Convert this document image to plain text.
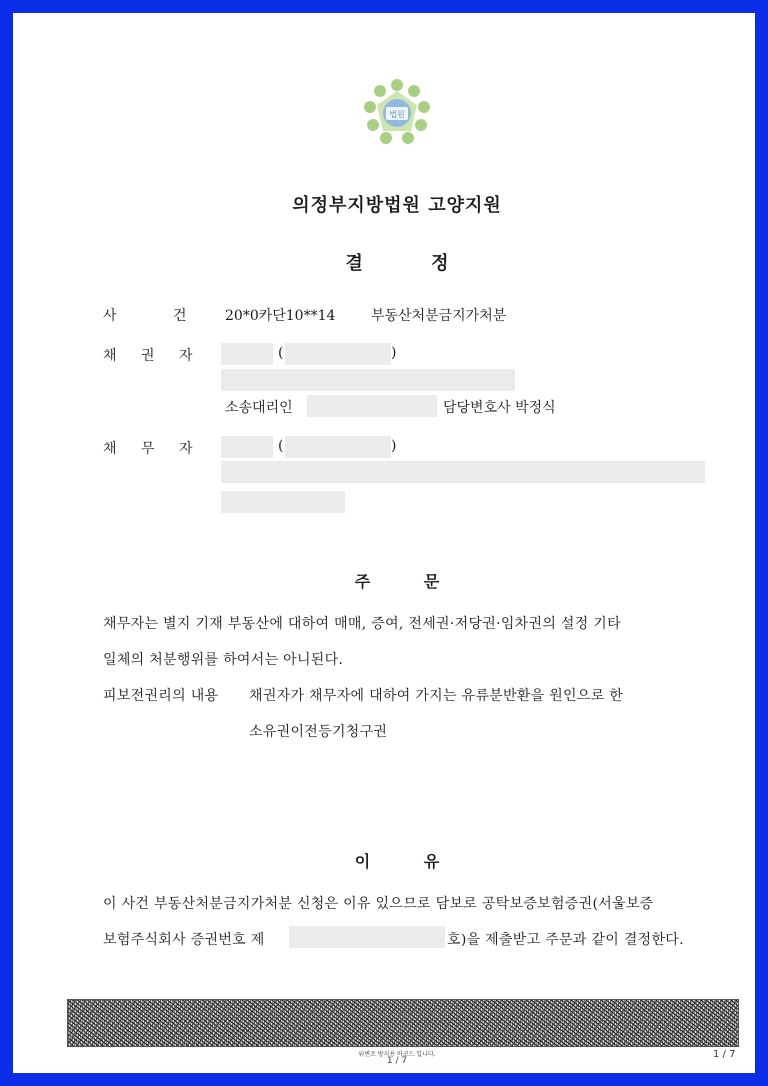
법원
의정부지방법원 고양지원
결 정
사 건	20*0카단10**14	부동산처분금지가처분
채 권 자	(	)
소송대리인	담당변호사 박정식
채 무 자	(	)
주 문
채무자는 별지 기재 부동산에 대하여 매매, 증여, 전세권·저당권·임차권의 설정 기타
일체의 처분행위를 하여서는 아니된다.
피보전권리의 내용 채권자가 채무자에 대하여 가지는 유류분반환을 원인으로 한
소유권이전등기청구권
이 유
이 사건 부동산처분금지가처분 신청은 이유 있으므로 담보로 공탁보증보험증권(서울보증
보험주식회사 증권번호 제	호)을 제출받고 주문과 같이 결정한다.
위변조 방지용 바코드 입니다.
1 / 7
1 / 7
